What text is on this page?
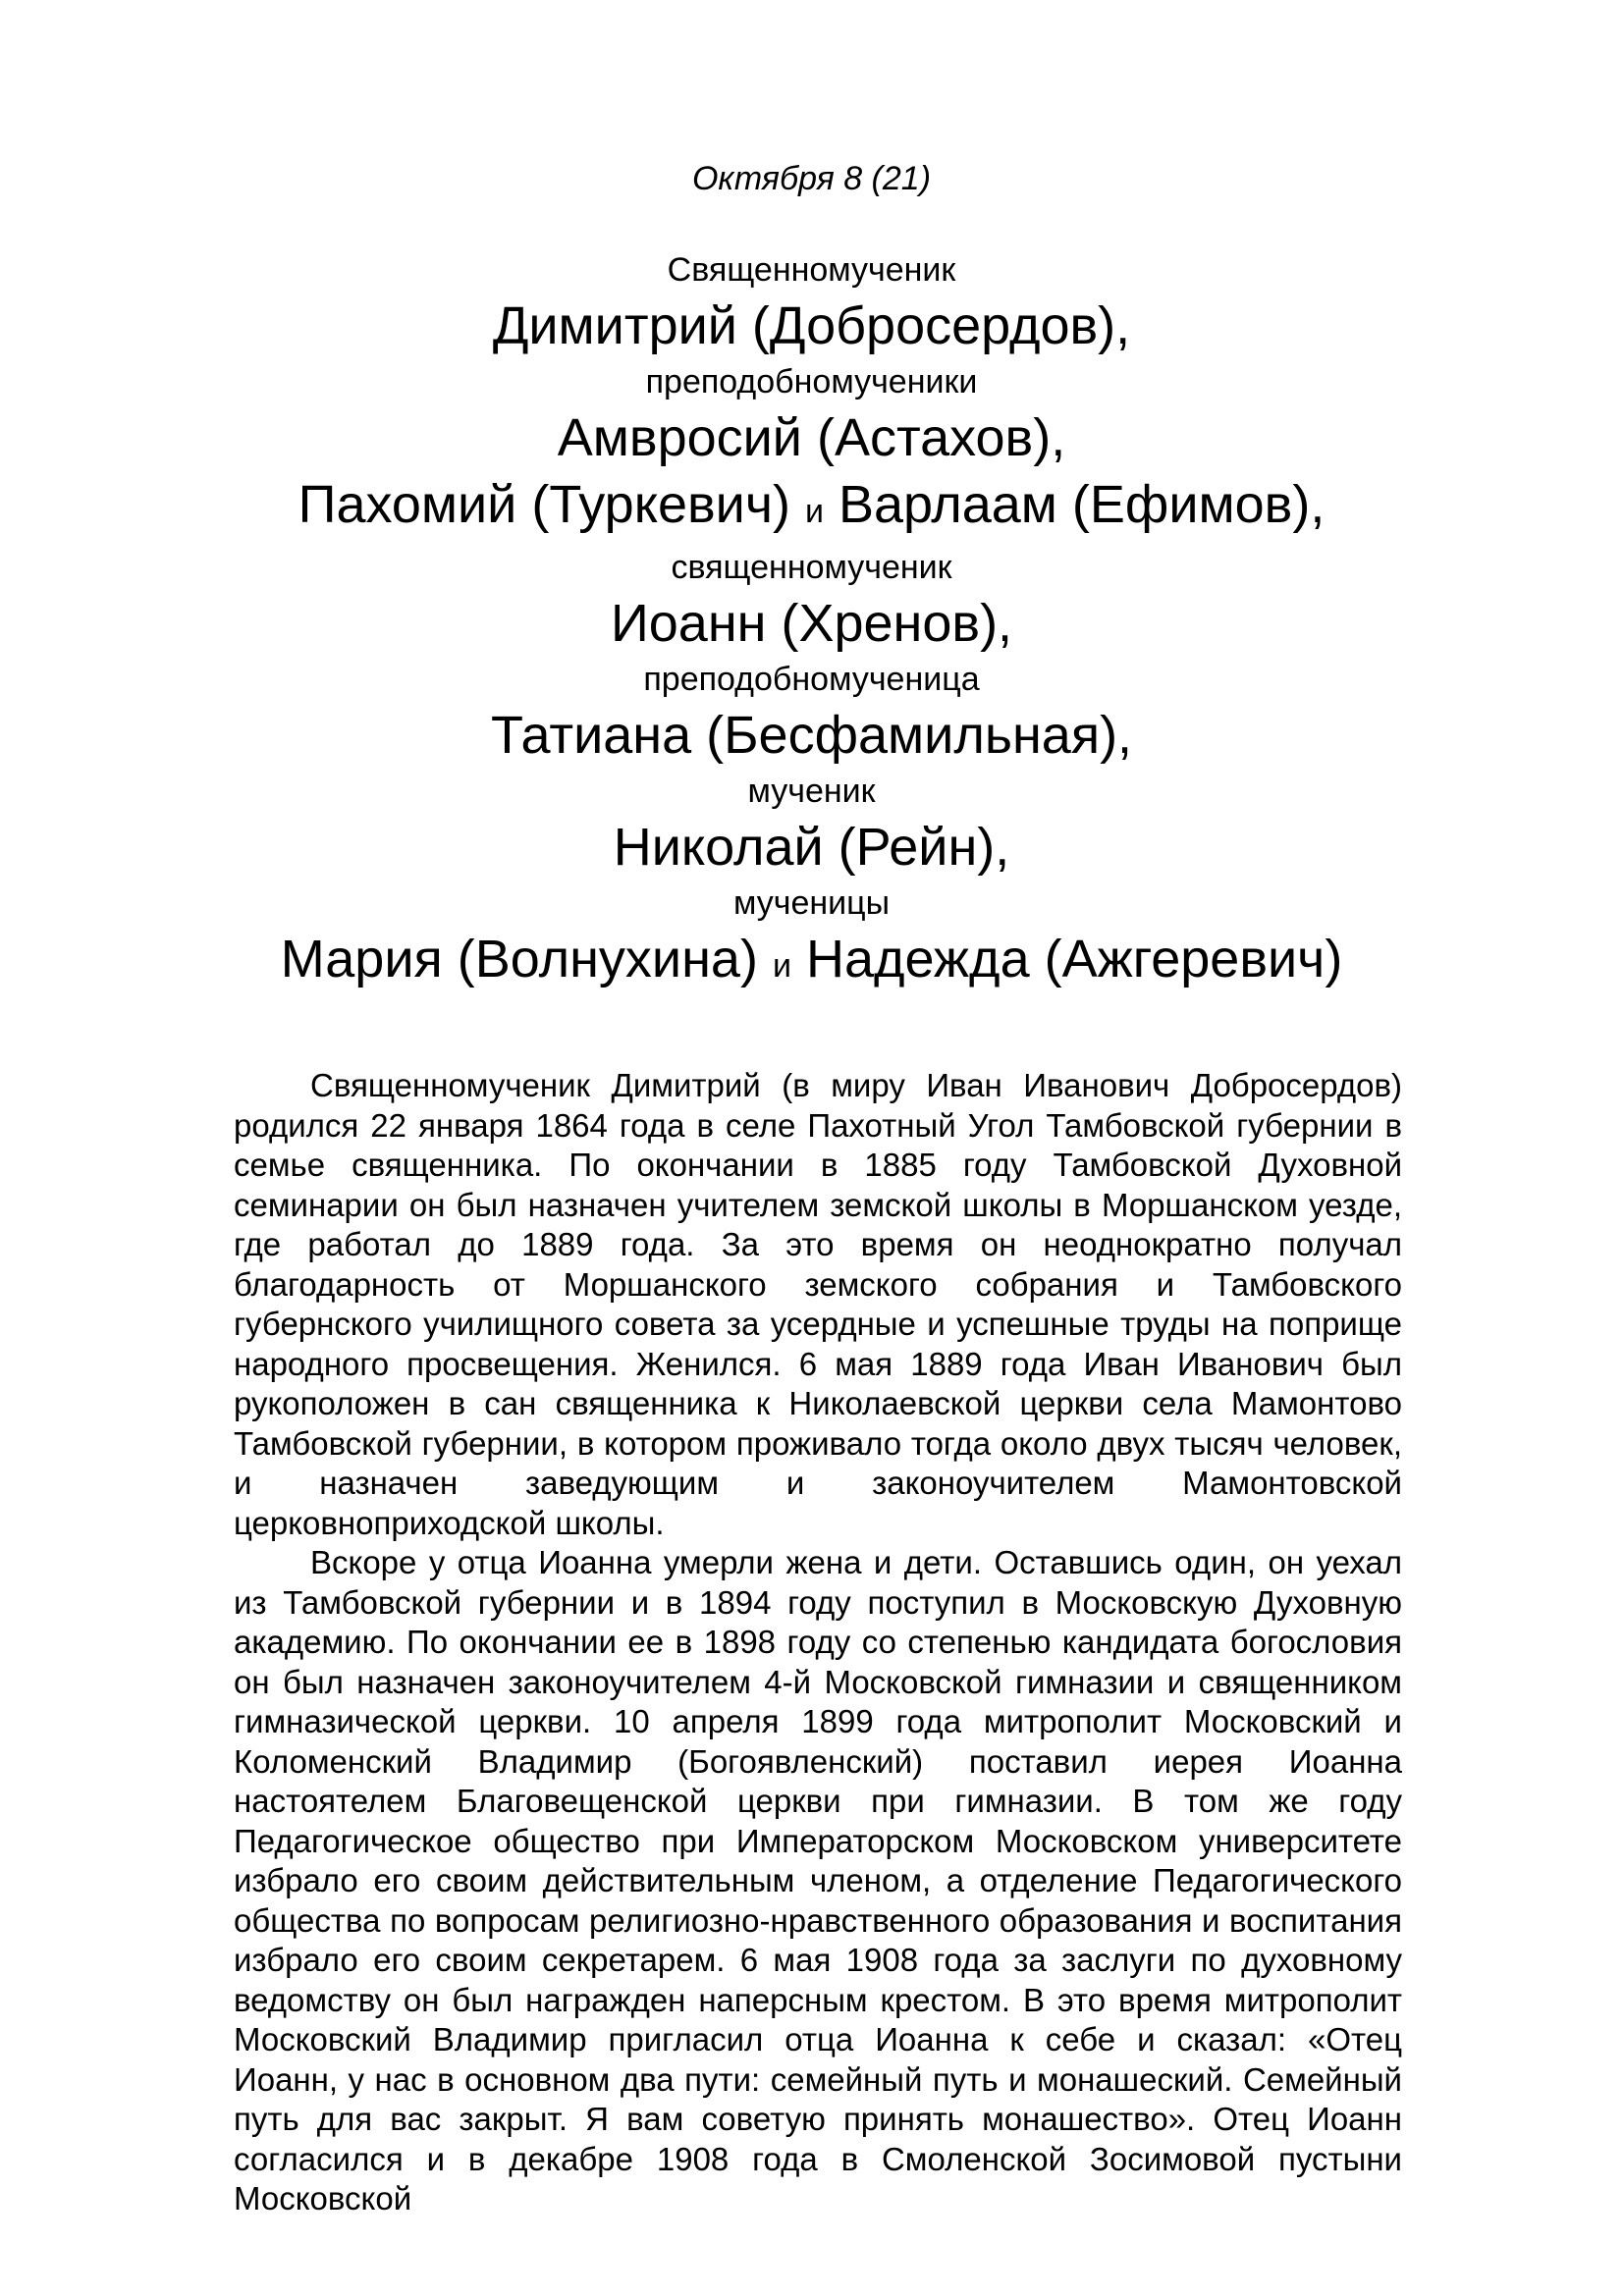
Октября 8 (21)
Священномученик
Димитрий (Добросердов),
преподобномученики
Амвросий (Астахов),
Пахомий (Туркевич) и Варлаам (Ефимов),
священномученик
Иоанн (Хренов),
преподобномученица
Татиана (Бесфамильная),
мученик
Николай (Рейн),
мученицы
Мария (Волнухина) и Надежда (Ажгеревич)

Священномученик Димитрий (в миру Иван Иванович Добросердов) родился 22 января 1864 года в селе Пахотный Угол Тамбовской губернии в семье священника. По окончании в 1885 году Тамбовской Духовной семинарии он был назначен учителем земской школы в Моршанском уезде, где работал до 1889 года. За это время он неоднократно получал благодарность от Моршанского земского собрания и Тамбовского губернского училищного совета за усердные и успешные труды на поприще народного просвещения. Женился. 6 мая 1889 года Иван Иванович был рукоположен в сан священника к Николаевской церкви села Мамонтово Тамбовской губернии, в котором проживало тогда около двух тысяч человек, и назначен заведующим и законоучителем Мамонтовской церковноприходской школы.

Вскоре у отца Иоанна умерли жена и дети. Оставшись один, он уехал из Тамбовской губернии и в 1894 году поступил в Московскую Духовную академию. По окончании ее в 1898 году со степенью кандидата богословия он был назначен законоучителем 4-й Московской гимназии и священником гимназической церкви. 10 апреля 1899 года митрополит Московский и Коломенский Владимир (Богоявленский) поставил иерея Иоанна настоятелем Благовещенской церкви при гимназии. В том же году Педагогическое общество при Императорском Московском университете избрало его своим действительным членом, а отделение Педагогического общества по вопросам религиозно-нравственного образования и воспитания избрало его своим секретарем. 6 мая 1908 года за заслуги по духовному ведомству он был награжден наперсным крестом. В это время митрополит Московский Владимир пригласил отца Иоанна к себе и сказал: «Отец Иоанн, у нас в основном два пути: семейный путь и монашеский. Семейный путь для вас закрыт. Я вам советую принять монашество». Отец Иоанн согласился и в декабре 1908 года в Смоленской Зосимовой пустыни Московской
